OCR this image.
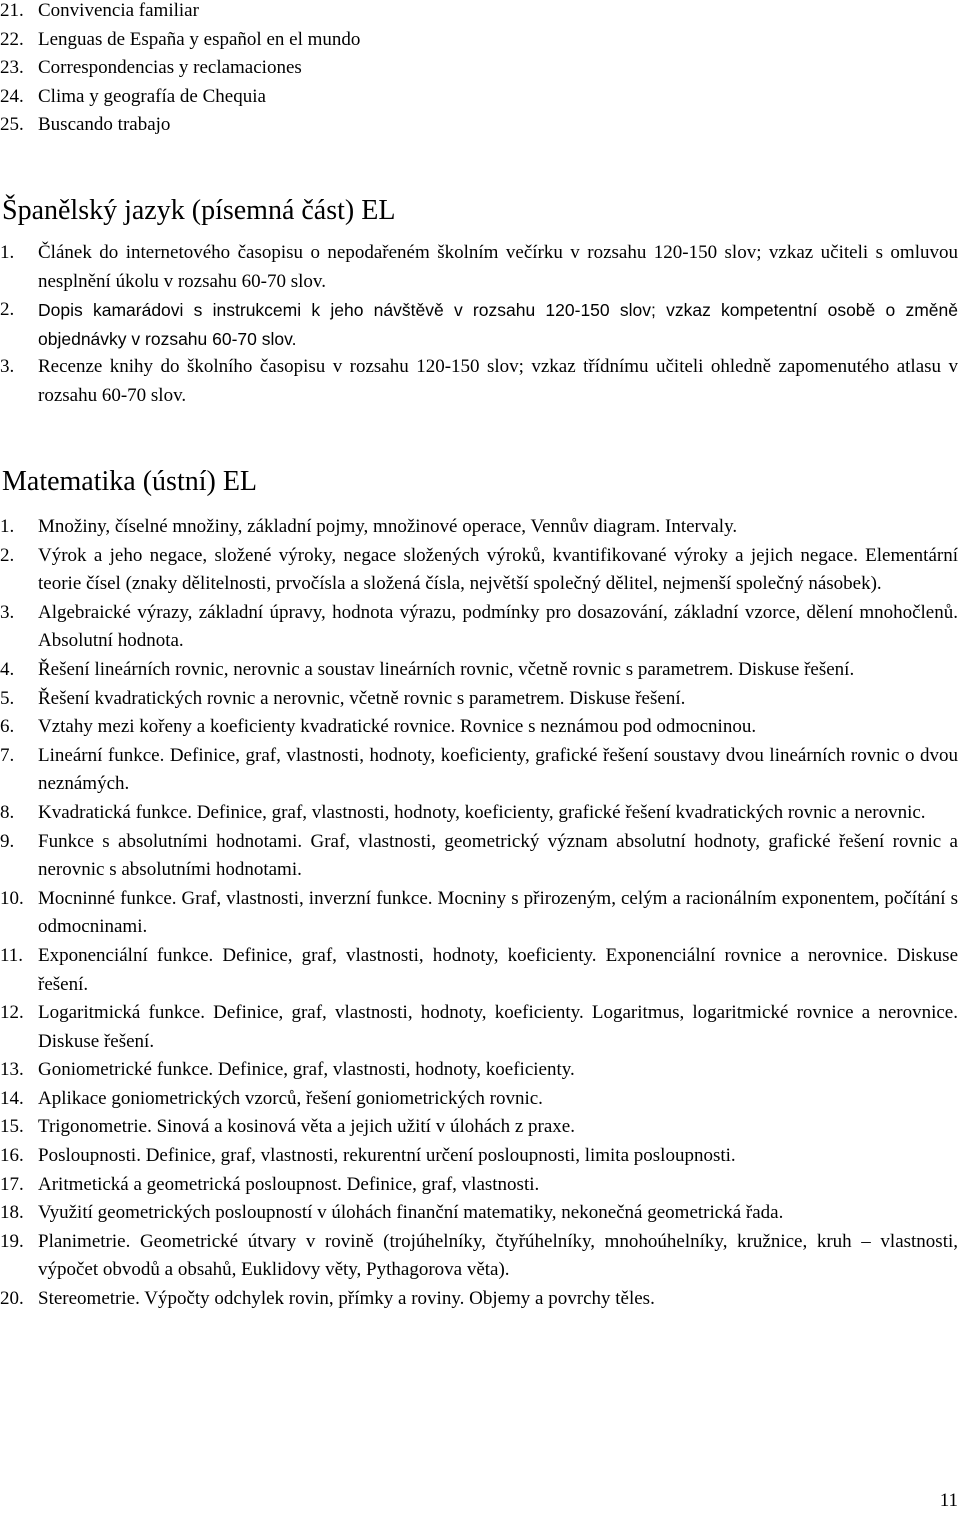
21. Convivencia familiar
22. Lenguas de España y español en el mundo
23. Correspondencias y reclamaciones
24. Clima y geografía de Chequia
25. Buscando trabajo
Španělský jazyk (písemná část) EL
1.	Článek do internetového časopisu o nepodařeném školním večírku v rozsahu 120-150 slov; vzkaz učiteli s omluvou nesplnění úkolu v rozsahu 60-70 slov.
2.	Dopis kamarádovi s instrukcemi k jeho návštěvě v rozsahu 120-150 slov; vzkaz kompetentní osobě o změně objednávky v rozsahu 60-70 slov.
3.	Recenze knihy do školního časopisu v rozsahu 120-150 slov; vzkaz třídnímu učiteli ohledně zapomenutého atlasu v rozsahu 60-70 slov.
Matematika (ústní) EL
1.	Množiny, číselné množiny, základní pojmy, množinové operace, Vennův diagram. Intervaly.
2.	Výrok a jeho negace, složené výroky, negace složených výroků, kvantifikované výroky a jejich negace. Elementární teorie čísel (znaky dělitelnosti, prvočísla a složená čísla, největší společný dělitel, nejmenší společný násobek).
3.	Algebraické výrazy, základní úpravy, hodnota výrazu, podmínky pro dosazování, základní vzorce, dělení mnohočlenů. Absolutní hodnota.
4.	Řešení lineárních rovnic, nerovnic a soustav lineárních rovnic, včetně rovnic s parametrem. Diskuse řešení.
5.	Řešení kvadratických rovnic a nerovnic, včetně rovnic s parametrem. Diskuse řešení.
6.	Vztahy mezi kořeny a koeficienty kvadratické rovnice. Rovnice s neznámou pod odmocninou.
7.	Lineární funkce. Definice, graf, vlastnosti, hodnoty, koeficienty, grafické řešení soustavy dvou lineárních rovnic o dvou neznámých.
8.	Kvadratická funkce. Definice, graf, vlastnosti, hodnoty, koeficienty, grafické řešení kvadratických rovnic a nerovnic.
9.	Funkce s absolutními hodnotami. Graf, vlastnosti, geometrický význam absolutní hodnoty, grafické řešení rovnic a nerovnic s absolutními hodnotami.
10. Mocninné funkce. Graf, vlastnosti, inverzní funkce. Mocniny s přirozeným, celým a racionálním exponentem, počítání s odmocninami.
11. Exponenciální funkce. Definice, graf, vlastnosti, hodnoty, koeficienty. Exponenciální rovnice a nerovnice. Diskuse řešení.
12. Logaritmická funkce. Definice, graf, vlastnosti, hodnoty, koeficienty. Logaritmus, logaritmické rovnice a nerovnice. Diskuse řešení.
13. Goniometrické funkce. Definice, graf, vlastnosti, hodnoty, koeficienty.
14. Aplikace goniometrických vzorců, řešení goniometrických rovnic.
15. Trigonometrie. Sinová a kosinová věta a jejich užití v úlohách z praxe.
16. Posloupnosti. Definice, graf, vlastnosti, rekurentní určení posloupnosti, limita posloupnosti.
17. Aritmetická a geometrická posloupnost. Definice, graf, vlastnosti.
18. Využití geometrických posloupností v úlohách finanční matematiky, nekonečná geometrická řada.
19. Planimetrie. Geometrické útvary v rovině (trojúhelníky, čtyřúhelníky, mnohoúhelníky, kružnice, kruh – vlastnosti, výpočet obvodů a obsahů, Euklidovy věty, Pythagorova věta).
20. Stereometrie. Výpočty odchylek rovin, přímky a roviny. Objemy a povrchy těles.
11
